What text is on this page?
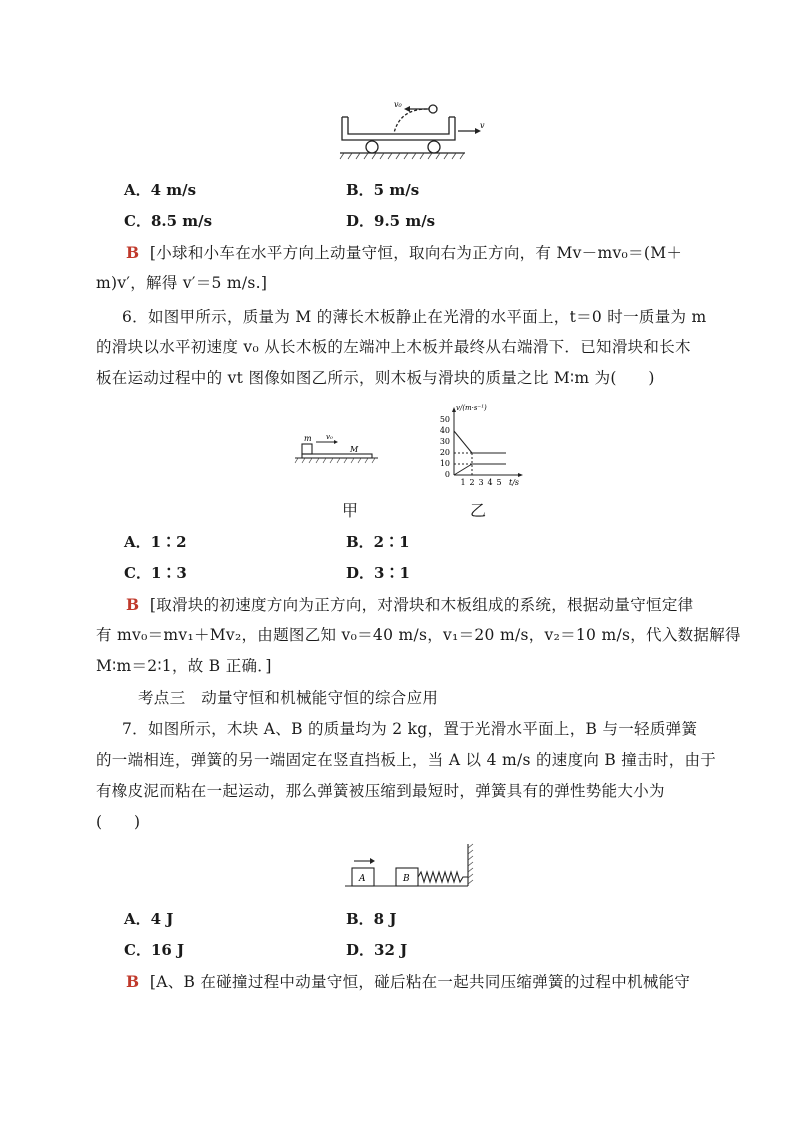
v₀
v
A．4 m/s	B．5 m/s
C．8.5 m/s	D．9.5 m/s
B [小球和小车在水平方向上动量守恒，取向右为正方向，有 Mv－mv₀＝(M＋
m)v′，解得 v′＝5 m/s.]
6．如图甲所示，质量为 M 的薄长木板静止在光滑的水平面上，t＝0 时一质量为 m
的滑块以水平初速度 v₀ 从长木板的左端冲上木板并最终从右端滑下．已知滑块和长木
板在运动过程中的 vt 图像如图乙所示，则木板与滑块的质量之比 M∶m 为(　　)
m v₀
M
甲
v/(m·s⁻¹)
50
40
30
20
10
0
1 2 3 4 5 t/s
乙
A．1∶2	B．2∶1
C．1∶3	D．3∶1
B [取滑块的初速度方向为正方向，对滑块和木板组成的系统，根据动量守恒定律
有 mv₀＝mv₁＋Mv₂，由题图乙知 v₀＝40 m/s，v₁＝20 m/s，v₂＝10 m/s，代入数据解得
M∶m＝2∶1，故 B 正确．]
考点三　动量守恒和机械能守恒的综合应用
7．如图所示，木块 A、B 的质量均为 2 kg，置于光滑水平面上，B 与一轻质弹簧
的一端相连，弹簧的另一端固定在竖直挡板上，当 A 以 4 m/s 的速度向 B 撞击时，由于
有橡皮泥而粘在一起运动，那么弹簧被压缩到最短时，弹簧具有的弹性势能大小为
(　　)
A	B
A．4 J	B．8 J
C．16 J	D．32 J
B [A、B 在碰撞过程中动量守恒，碰后粘在一起共同压缩弹簧的过程中机械能守
